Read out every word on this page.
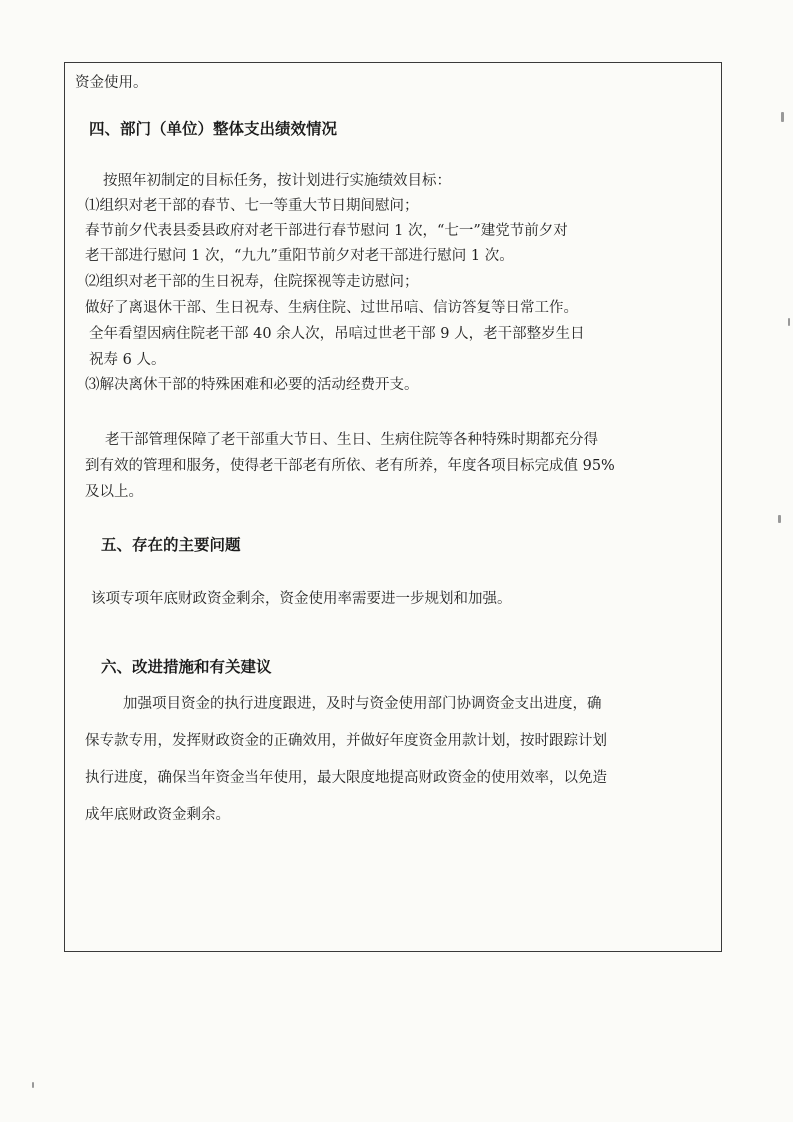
资金使用。
四、部门（单位）整体支出绩效情况
按照年初制定的目标任务，按计划进行实施绩效目标：
⑴组织对老干部的春节、七一等重大节日期间慰问；
春节前夕代表县委县政府对老干部进行春节慰问 1 次，“七一”建党节前夕对
老干部进行慰问 1 次，“九九”重阳节前夕对老干部进行慰问 1 次。
⑵组织对老干部的生日祝寿，住院探视等走访慰问；
做好了离退休干部、生日祝寿、生病住院、过世吊唁、信访答复等日常工作。
全年看望因病住院老干部 40 余人次，吊唁过世老干部 9 人，老干部整岁生日
祝寿 6 人。
⑶解决离休干部的特殊困难和必要的活动经费开支。
老干部管理保障了老干部重大节日、生日、生病住院等各种特殊时期都充分得
到有效的管理和服务，使得老干部老有所依、老有所养，年度各项目标完成值 95%
及以上。
五、存在的主要问题
该项专项年底财政资金剩余，资金使用率需要进一步规划和加强。
六、改进措施和有关建议
加强项目资金的执行进度跟进，及时与资金使用部门协调资金支出进度，确
保专款专用，发挥财政资金的正确效用，并做好年度资金用款计划，按时跟踪计划
执行进度，确保当年资金当年使用，最大限度地提高财政资金的使用效率，以免造
成年底财政资金剩余。
